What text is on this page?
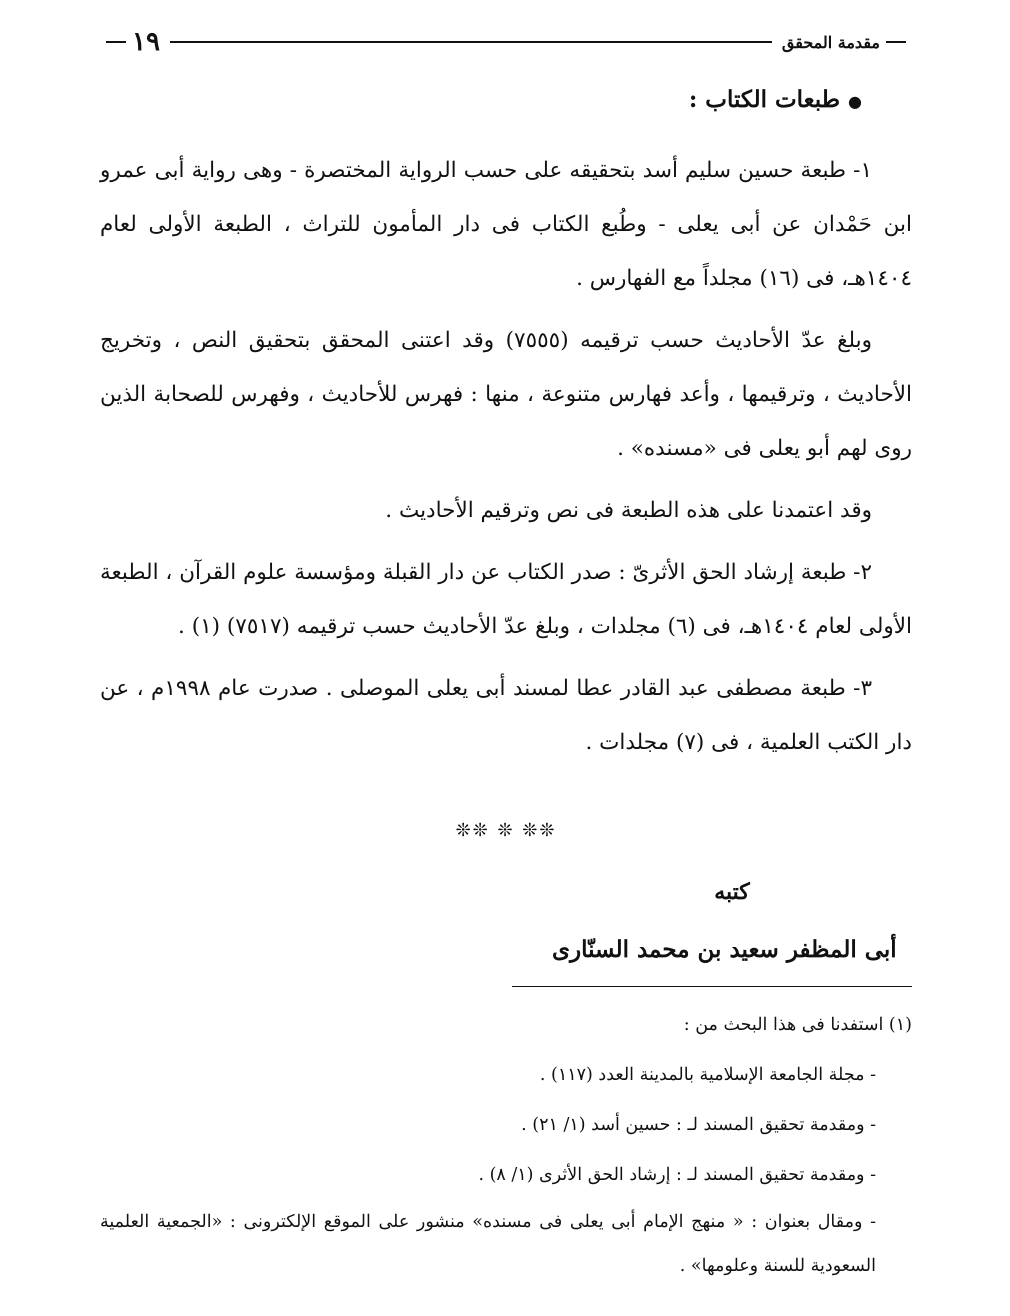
مقدمة المحقق
١٩
●طبعات الكتاب :

١- طبعة حسين سليم أسد بتحقيقه على حسب الرواية المختصرة - وهى رواية أبى عمرو ابن حَمْدان عن أبى يعلى - وطُبع الكتاب فى دار المأمون للتراث ، الطبعة الأولى لعام ١٤٠٤هـ، فى (١٦) مجلداً مع الفهارس .

وبلغ عدّ الأحاديث حسب ترقيمه (٧٥٥٥) وقد اعتنى المحقق بتحقيق النص ، وتخريج الأحاديث ، وترقيمها ، وأعد فهارس متنوعة ، منها : فهرس للأحاديث ، وفهرس للصحابة الذين روى لهم أبو يعلى فى «مسنده» .

وقد اعتمدنا على هذه الطبعة فى نص وترقيم الأحاديث .

٢- طبعة إرشاد الحق الأثرىّ : صدر الكتاب عن دار القبلة ومؤسسة علوم القرآن ، الطبعة الأولى لعام ١٤٠٤هـ، فى (٦) مجلدات ، وبلغ عدّ الأحاديث حسب ترقيمه (٧٥١٧) (١) .

٣- طبعة مصطفى عبد القادر عطا لمسند أبى يعلى الموصلى . صدرت عام ١٩٩٨م ، عن دار الكتب العلمية ، فى (٧) مجلدات .

❊❊ ❊ ❊❊
كتبه
أبى المظفر سعيد بن محمد السنّارى
(١) استفدنا فى هذا البحث من :
- مجلة الجامعة الإسلامية بالمدينة العدد (١١٧) .
- ومقدمة تحقيق المسند لـ : حسين أسد (١/ ٢١) .
- ومقدمة تحقيق المسند لـ : إرشاد الحق الأثرى (١/ ٨) .
- ومقال بعنوان : « منهج الإمام أبى يعلى فى مسنده» منشور على الموقع الإلكترونى : «الجمعية العلمية السعودية للسنة وعلومها» .
